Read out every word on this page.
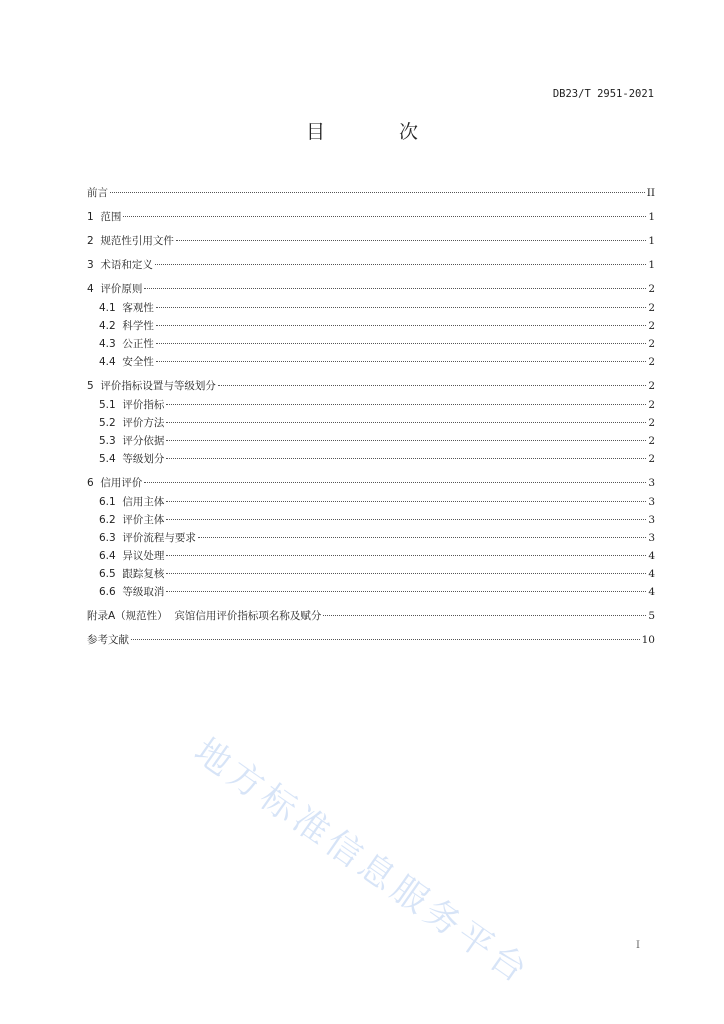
DB23/T 2951-2021
目 次
前言	II
1 范围	1
2 规范性引用文件	1
3 术语和定义	1
4 评价原则	2
4.1 客观性	2
4.2 科学性	2
4.3 公正性	2
4.4 安全性	2
5 评价指标设置与等级划分	2
5.1 评价指标	2
5.2 评价方法	2
5.3 评分依据	2
5.4 等级划分	2
6 信用评价	3
6.1 信用主体	3
6.2 评价主体	3
6.3 评价流程与要求	3
6.4 异议处理	4
6.5 跟踪复核	4
6.6 等级取消	4
附录A（规范性） 宾馆信用评价指标项名称及赋分	5
参考文献	10
I
地方标准信息服务平台
